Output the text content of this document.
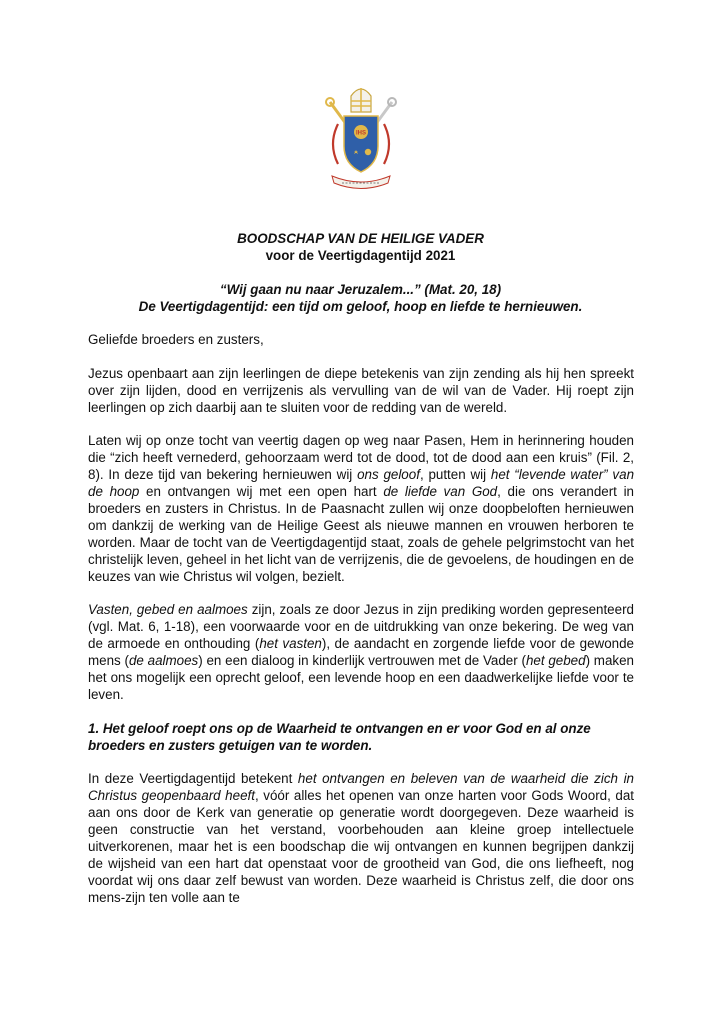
IHS
BOODSCHAP VAN DE HEILIGE VADER
voor de Veertigdagentijd 2021
“Wij gaan nu naar Jeruzalem...” (Mat. 20, 18)
De Veertigdagentijd: een tijd om geloof, hoop en liefde te hernieuwen.

Geliefde broeders en zusters,

Jezus openbaart aan zijn leerlingen de diepe betekenis van zijn zending als hij hen spreekt over zijn lijden, dood en verrijzenis als vervulling van de wil van de Vader. Hij roept zijn leerlingen op zich daarbij aan te sluiten voor de redding van de wereld.

Laten wij op onze tocht van veertig dagen op weg naar Pasen, Hem in herinnering houden die “zich heeft vernederd, gehoorzaam werd tot de dood, tot de dood aan een kruis” (Fil. 2, 8). In deze tijd van bekering hernieuwen wij ons geloof, putten wij het “levende water” van de hoop en ontvangen wij met een open hart de liefde van God, die ons verandert in broeders en zusters in Christus. In de Paasnacht zullen wij onze doopbeloften hernieuwen om dankzij de werking van de Heilige Geest als nieuwe mannen en vrouwen herboren te worden. Maar de tocht van de Veertigdagentijd staat, zoals de gehele pelgrimstocht van het christelijk leven, geheel in het licht van de verrijzenis, die de gevoelens, de houdingen en de keuzes van wie Christus wil volgen, bezielt.

Vasten, gebed en aalmoes zijn, zoals ze door Jezus in zijn prediking worden gepresenteerd (vgl. Mat. 6, 1-18), een voorwaarde voor en de uitdrukking van onze bekering. De weg van de armoede en onthouding (het vasten), de aandacht en zorgende liefde voor de gewonde mens (de aalmoes) en een dialoog in kinderlijk vertrouwen met de Vader (het gebed) maken het ons mogelijk een oprecht geloof, een levende hoop en een daadwerkelijke liefde voor te leven.

1. Het geloof roept ons op de Waarheid te ontvangen en er voor God en al onze broeders en zusters getuigen van te worden.

In deze Veertigdagentijd betekent het ontvangen en beleven van de waarheid die zich in Christus geopenbaard heeft, vóór alles het openen van onze harten voor Gods Woord, dat aan ons door de Kerk van generatie op generatie wordt doorgegeven. Deze waarheid is geen constructie van het verstand, voorbehouden aan kleine groep intellectuele uitverkorenen, maar het is een boodschap die wij ontvangen en kunnen begrijpen dankzij de wijsheid van een hart dat openstaat voor de grootheid van God, die ons liefheeft, nog voordat wij ons daar zelf bewust van worden. Deze waarheid is Christus zelf, die door ons mens-zijn ten volle aan te
